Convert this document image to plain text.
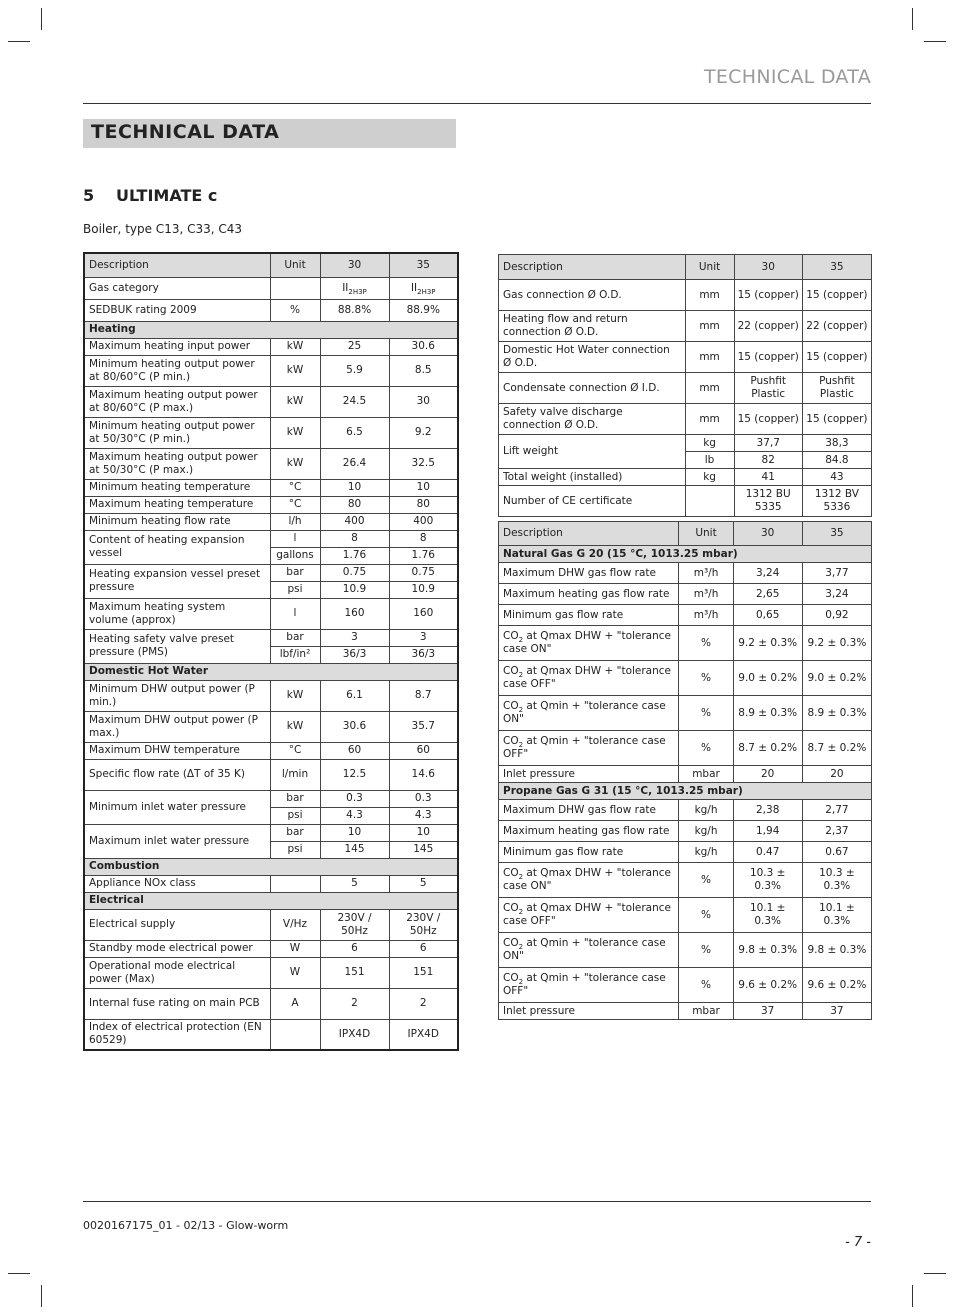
TECHNICAL DATA
TECHNICAL DATA
5 ULTIMATE c
Boiler, type C13, C33, C43
Description	Unit	30	35
Gas category		$II_{2H3P}$	$II_{2H3P}$
SEDBUK rating 2009	%	88.8%	88.9%
Heating			
Maximum heating input power	kW	25	30.6
Minimum heating output power at 80/60°C (P min.)	kW	5.9	8.5
Maximum heating output power at 80/60°C (P max.)	kW	24.5	30
Minimum heating output power at 50/30°C (P min.)	kW	6.5	9.2
Maximum heating output power at 50/30°C (P max.)	kW	26.4	32.5
Minimum heating temperature	°C	10	10
Maximum heating temperature	°C	80	80
Minimum heating flow rate	l/h	400	400
Content of heating expansion vessel	l	8	8
	gallons	1.76	1.76
Heating expansion vessel preset pressure	bar	0.75	0.75
	psi	10.9	10.9
Maximum heating system volume (approx)	l	160	160
Heating safety valve preset pressure (PMS)	bar	3	3
	lbf/in²	36/3	36/3
Domestic Hot Water			
Minimum DHW output power (P min.)	kW	6.1	8.7
Maximum DHW output power (P max.)	kW	30.6	35.7
Maximum DHW temperature	°C	60	60
Specific flow rate (ΔT of 35 K)	l/min	12.5	14.6
Minimum inlet water pressure	bar	0.3	0.3
	psi	4.3	4.3
Maximum inlet water pressure	bar	10	10
	psi	145	145
Combustion			
Appliance NOx class		5	5
Electrical			
Electrical supply	V/Hz	230V / 50Hz	230V / 50Hz
Standby mode electrical power	W	6	6
Operational mode electrical power (Max)	W	151	151
Internal fuse rating on main PCB	A	2	2
Index of electrical protection (EN 60529)		IPX4D	IPX4D
Description	Unit	30	35
Gas connection Ø O.D.	mm	15 (copper)	15 (copper)
Heating flow and return connection Ø O.D.	mm	22 (copper)	22 (copper)
Domestic Hot Water connection Ø O.D.	mm	15 (copper)	15 (copper)
Condensate connection Ø I.D.	mm	Pushfit Plastic	Pushfit Plastic
Safety valve discharge connection Ø O.D.	mm	15 (copper)	15 (copper)
Lift weight	kg	37,7	38,3
	lb	82	84.8
Total weight (installed)	kg	41	43
Number of CE certificate		1312 BU 5335	1312 BV 5336
Description	Unit	30	35
Natural Gas G 20 (15 °C, 1013.25 mbar)			
Maximum DHW gas flow rate	m³/h	3,24	3,77
Maximum heating gas flow rate	m³/h	2,65	3,24
Minimum gas flow rate	m³/h	0,65	0,92
$CO_2$ at Qmax DHW + "tolerance case ON"	%	9.2 ± 0.3%	9.2 ± 0.3%
$CO_2$ at Qmax DHW + "tolerance case OFF"	%	9.0 ± 0.2%	9.0 ± 0.2%
$CO_2$ at Qmin + "tolerance case ON"	%	8.9 ± 0.3%	8.9 ± 0.3%
$CO_2$ at Qmin + "tolerance case OFF"	%	8.7 ± 0.2%	8.7 ± 0.2%
Inlet pressure	mbar	20	20
Propane Gas G 31 (15 °C, 1013.25 mbar)			
Maximum DHW gas flow rate	kg/h	2,38	2,77
Maximum heating gas flow rate	kg/h	1,94	2,37
Minimum gas flow rate	kg/h	0.47	0.67
$CO_2$ at Qmax DHW + "tolerance case ON"	%	10.3 ± 0.3%	10.3 ± 0.3%
$CO_2$ at Qmax DHW + "tolerance case OFF"	%	10.1 ± 0.3%	10.1 ± 0.3%
$CO_2$ at Qmin + "tolerance case ON"	%	9.8 ± 0.3%	9.8 ± 0.3%
$CO_2$ at Qmin + "tolerance case OFF"	%	9.6 ± 0.2%	9.6 ± 0.2%
Inlet pressure	mbar	37	37
0020167175_01 - 02/13 - Glow-worm
- 7 -
